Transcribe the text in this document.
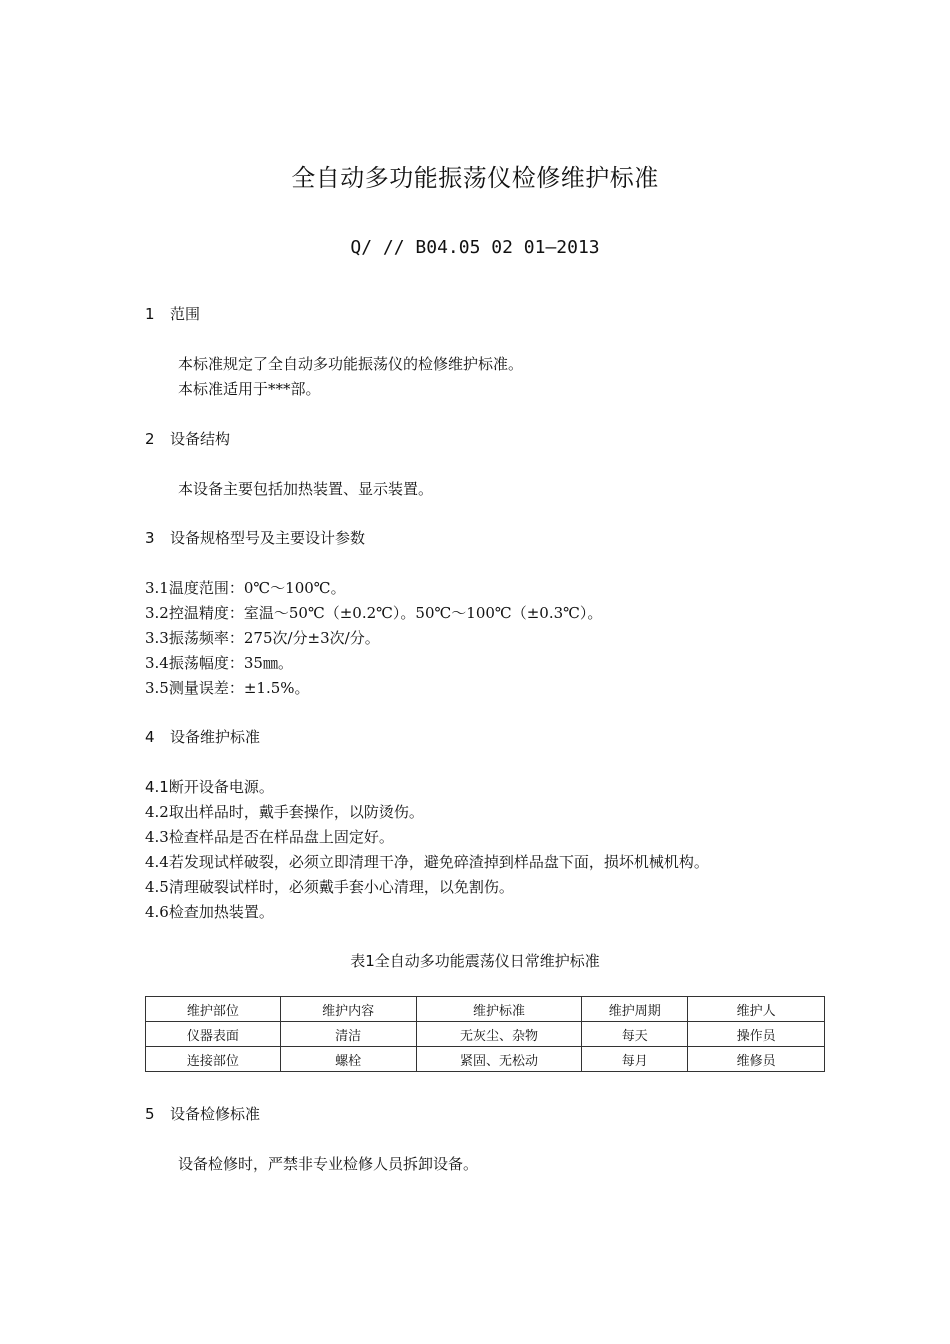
全自动多功能振荡仪检修维护标准
Q/ // B04.05 02 01—2013
1 范围
本标准规定了全自动多功能振荡仪的检修维护标准。
本标准适用于***部。
2 设备结构
本设备主要包括加热装置、显示装置。
3 设备规格型号及主要设计参数
3.1温度范围：0℃～100℃。
3.2控温精度：室温～50℃（±0.2℃）。50℃～100℃（±0.3℃）。
3.3振荡频率：275次/分±3次/分。
3.4振荡幅度：35㎜。
3.5测量误差：±1.5%。
4 设备维护标准
4.1断开设备电源。
4.2取出样品时，戴手套操作，以防烫伤。
4.3检查样品是否在样品盘上固定好。
4.4若发现试样破裂，必须立即清理干净，避免碎渣掉到样品盘下面，损坏机械机构。
4.5清理破裂试样时，必须戴手套小心清理，以免割伤。
4.6检查加热装置。
表1全自动多功能震荡仪日常维护标准
维护部位	维护内容	维护标准	维护周期	维护人
仪器表面	清洁	无灰尘、杂物	每天	操作员
连接部位	螺栓	紧固、无松动	每月	维修员
5 设备检修标准
设备检修时，严禁非专业检修人员拆卸设备。
